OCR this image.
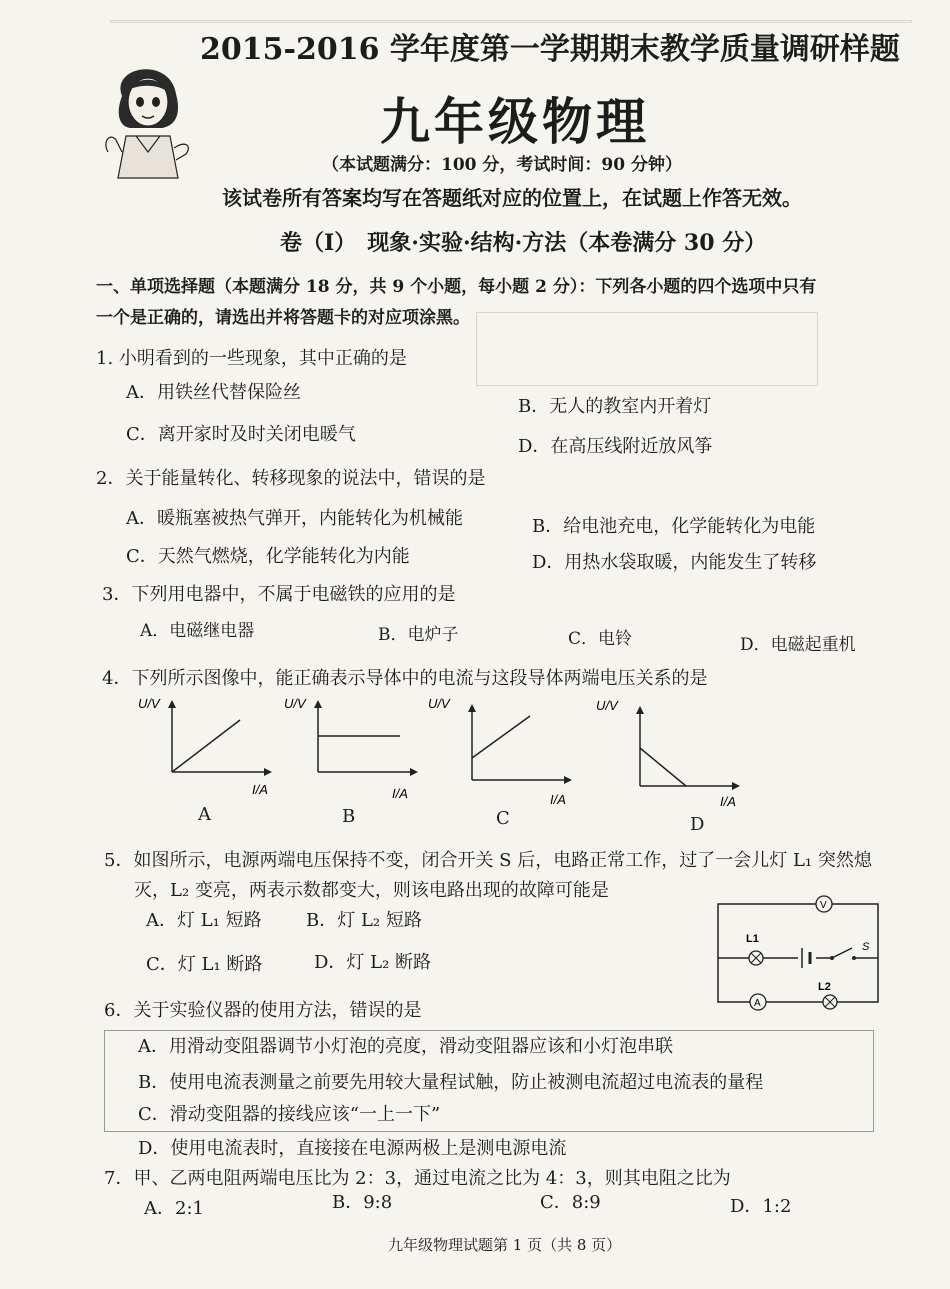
2015-2016 学年度第一学期期末教学质量调研样题
九年级物理
（本试题满分：100 分，考试时间：90 分钟）
该试卷所有答案均写在答题纸对应的位置上，在试题上作答无效。
卷（I）　现象·实验·结构·方法（本卷满分 30 分）
一、单项选择题（本题满分 18 分，共 9 个小题，每小题 2 分）：下列各小题的四个选项中只有
一个是正确的，请选出并将答题卡的对应项涂黑。
1. 小明看到的一些现象，其中正确的是
A．用铁丝代替保险丝
B．无人的教室内开着灯
C．离开家时及时关闭电暖气
D．在高压线附近放风筝
2．关于能量转化、转移现象的说法中，错误的是
A．暖瓶塞被热气弹开，内能转化为机械能	B．给电池充电，化学能转化为电能
C．天然气燃烧，化学能转化为内能	D．用热水袋取暖，内能发生了转移
3．下列用电器中，不属于电磁铁的应用的是
A．电磁继电器	B．电炉子	C．电铃	D．电磁起重机
4．下列所示图像中，能正确表示导体中的电流与这段导体两端电压关系的是
U/V
I/A
A
U/V
I/A
B
U/V
I/A
C
U/V
I/A
D
5．如图所示，电源两端电压保持不变，闭合开关 S 后，电路正常工作，过了一会儿灯 L₁ 突然熄
灭，L₂ 变亮，两表示数都变大，则该电路出现的故障可能是
A．灯 L₁ 短路 B．灯 L₂ 短路
C．灯 L₁ 断路	D．灯 L₂ 断路
V
L1
S
A
L2
6．关于实验仪器的使用方法，错误的是
A．用滑动变阻器调节小灯泡的亮度，滑动变阻器应该和小灯泡串联
B．使用电流表测量之前要先用较大量程试触，防止被测电流超过电流表的量程
C．滑动变阻器的接线应该“一上一下”
D．使用电流表时，直接接在电源两极上是测电源电流
7．甲、乙两电阻两端电压比为 2：3，通过电流之比为 4：3，则其电阻之比为
A．2:1	B．9:8	C．8:9	D．1:2
九年级物理试题第 1 页（共 8 页）
